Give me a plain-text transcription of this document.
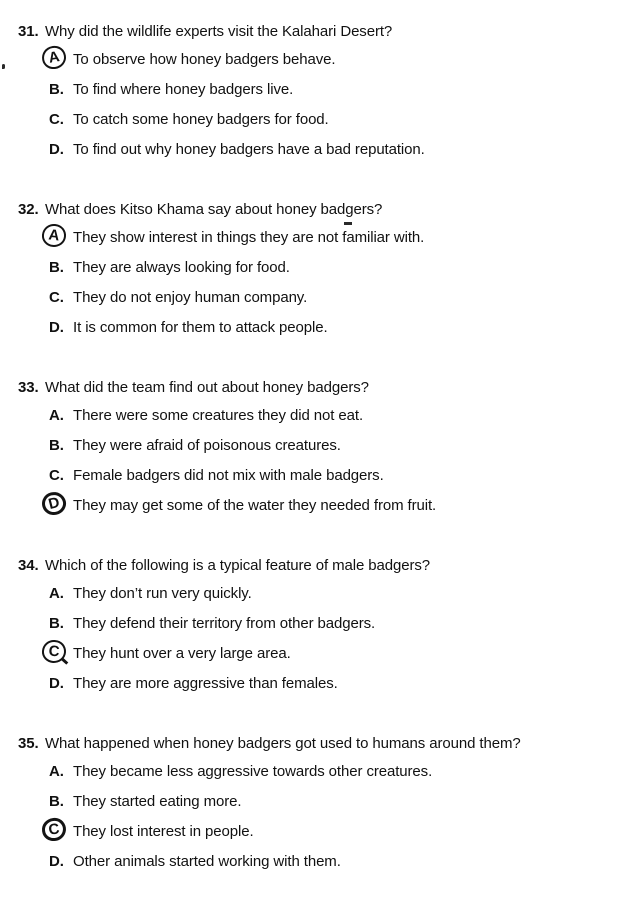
31. Why did the wildlife experts visit the Kalahari Desert?
A To observe how honey badgers behave.
B. To find where honey badgers live.
C. To catch some honey badgers for food.
D. To find out why honey badgers have a bad reputation.
32. What does Kitso Khama say about honey badgers?
A They show interest in things they are not familiar with.
B. They are always looking for food.
C. They do not enjoy human company.
D. It is common for them to attack people.
33. What did the team find out about honey badgers?
A. There were some creatures they did not eat.
B. They were afraid of poisonous creatures.
C. Female badgers did not mix with male badgers.
D They may get some of the water they needed from fruit.
34. Which of the following is a typical feature of male badgers?
A. They don’t run very quickly.
B. They defend their territory from other badgers.
C They hunt over a very large area.
D. They are more aggressive than females.
35. What happened when honey badgers got used to humans around them?
A. They became less aggressive towards other creatures.
B. They started eating more.
C They lost interest in people.
D. Other animals started working with them.
